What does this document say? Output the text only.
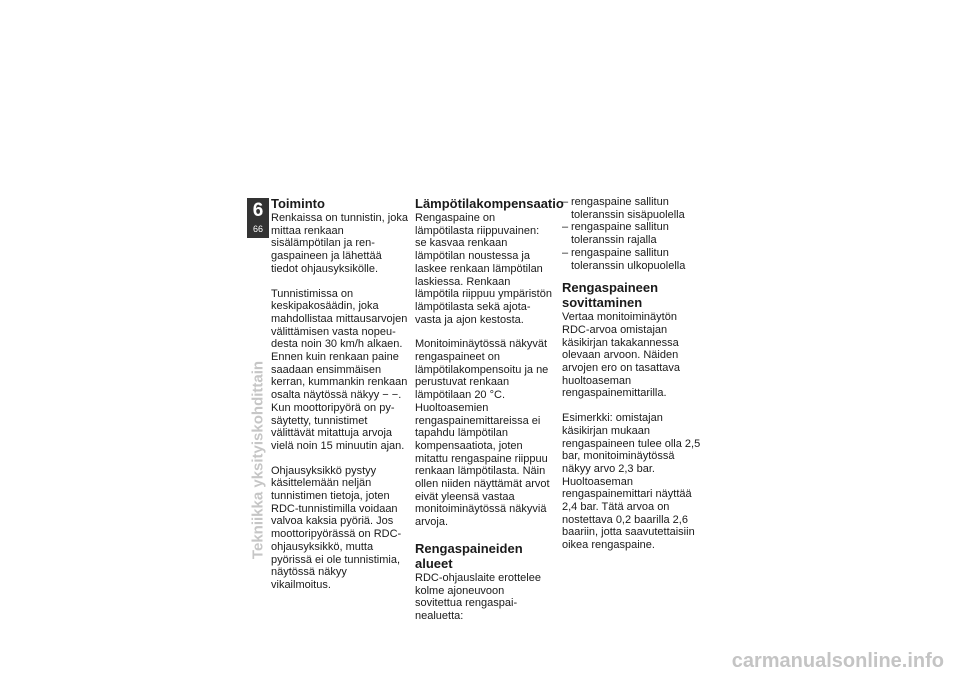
6
66
Tekniikka yksityiskohdittain
Toiminto

Renkaissa on tunnistin, joka mittaa renkaan sisälämpötilan ja rengaspaineen ja lähettää tiedot ohjausyksikölle.

Tunnistimissa on keskipakosäädin, joka mahdollistaa mittausarvojen välittämisen vasta nopeudesta noin 30 km/h alkaen. Ennen kuin renkaan paine saadaan ensimmäisen kerran, kummankin renkaan osalta näytössä näkyy − −. Kun moottoripyörä on pysäytetty, tunnistimet välittävät mitattuja arvoja vielä noin 15 minuutin ajan.

Ohjausyksikkö pystyy käsittelemään neljän tunnistimen tietoja, joten RDC-tunnistimilla voidaan valvoa kaksia pyöriä. Jos moottoripyörässä on RDC-ohjausyksikkö, mutta pyörissä ei ole tunnistimia, näytössä näkyy vikailmoitus.

Lämpötilakompensaatio

Rengaspaine on lämpötilasta riippuvainen: se kasvaa renkaan lämpötilan noustessa ja laskee renkaan lämpötilan laskiessa. Renkaan lämpötila riippuu ympäristön lämpötilasta sekä ajotavasta ja ajon kestosta.

Monitoiminäytössä näkyvät rengaspaineet on lämpötilakompensoitu ja ne perustuvat renkaan lämpötilaan 20 °C. Huoltoasemien rengaspainemittareissa ei tapahdu lämpötilan kompensaatiota, joten mitattu rengaspaine riippuu renkaan lämpötilasta. Näin ollen niiden näyttämät arvot eivät yleensä vastaa monitoiminäytössä näkyviä arvoja.

Rengaspaineiden alueet

RDC-ohjauslaite erottelee kolme ajoneuvoon sovitettua rengaspainealuetta:

– rengaspaine sallitun toleranssin sisäpuolella
– rengaspaine sallitun toleranssin rajalla
– rengaspaine sallitun toleranssin ulkopuolella
Rengaspaineen sovittaminen

Vertaa monitoiminäytön RDC-arvoa omistajan käsikirjan takakannessa olevaan arvoon. Näiden arvojen ero on tasattava huoltoaseman rengaspainemittarilla.

Esimerkki: omistajan käsikirjan mukaan rengaspaineen tulee olla 2,5 bar, monitoiminäytössä näkyy arvo 2,3 bar. Huoltoaseman rengaspainemittari näyttää 2,4 bar. Tätä arvoa on nostettava 0,2 baarilla 2,6 baariin, jotta saavutettaisiin oikea rengaspaine.

carmanualsonline.info
